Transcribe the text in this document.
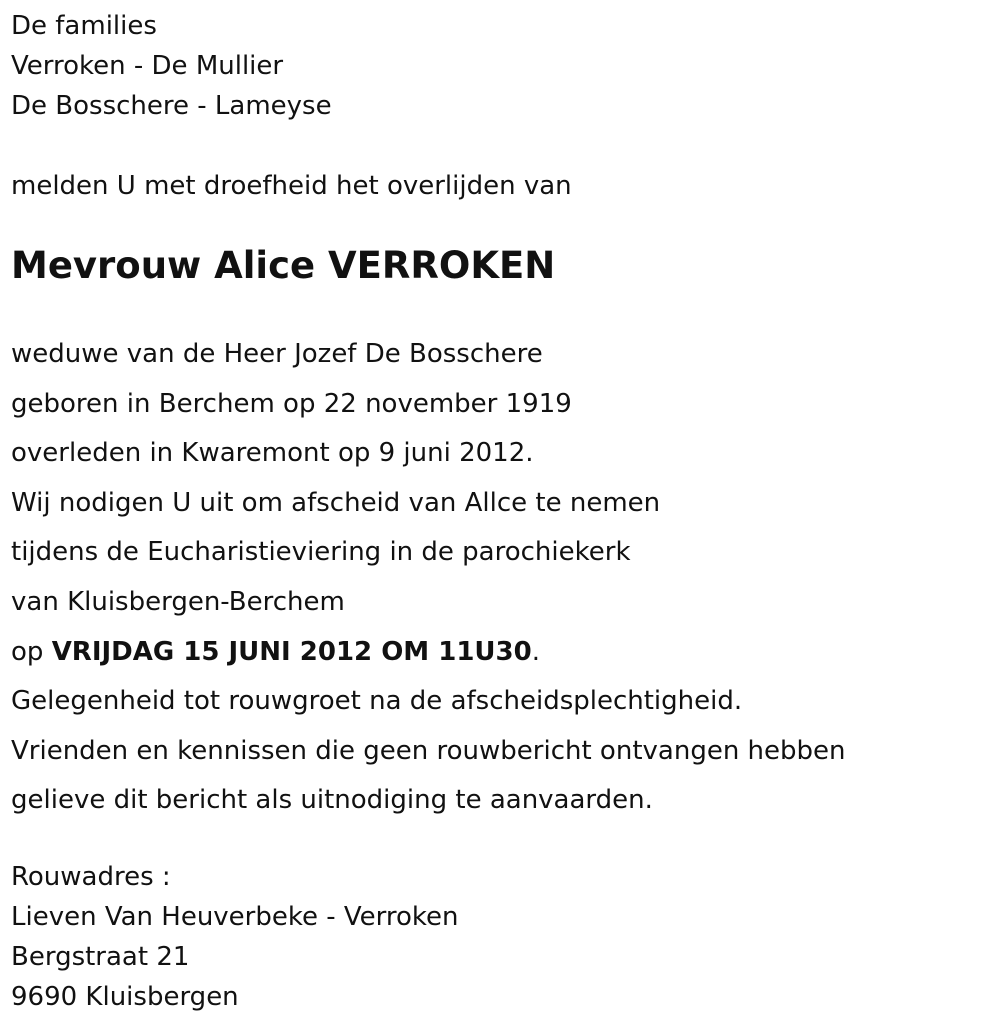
De families

Verroken - De Mullier

De Bosschere - Lameyse

melden U met droefheid het overlijden van

Mevrouw Alice VERROKEN

weduwe van de Heer Jozef De Bosschere

geboren in Berchem op 22 november 1919

overleden in Kwaremont op 9 juni 2012.

Wij nodigen U uit om afscheid van Allce te nemen

tijdens de Eucharistieviering in de parochiekerk

van Kluisbergen-Berchem

op VRIJDAG 15 JUNI 2012 OM 11U30.

Gelegenheid tot rouwgroet na de afscheidsplechtigheid.

Vrienden en kennissen die geen rouwbericht ontvangen hebben

gelieve dit bericht als uitnodiging te aanvaarden.

Rouwadres :

Lieven Van Heuverbeke - Verroken

Bergstraat 21

9690 Kluisbergen
